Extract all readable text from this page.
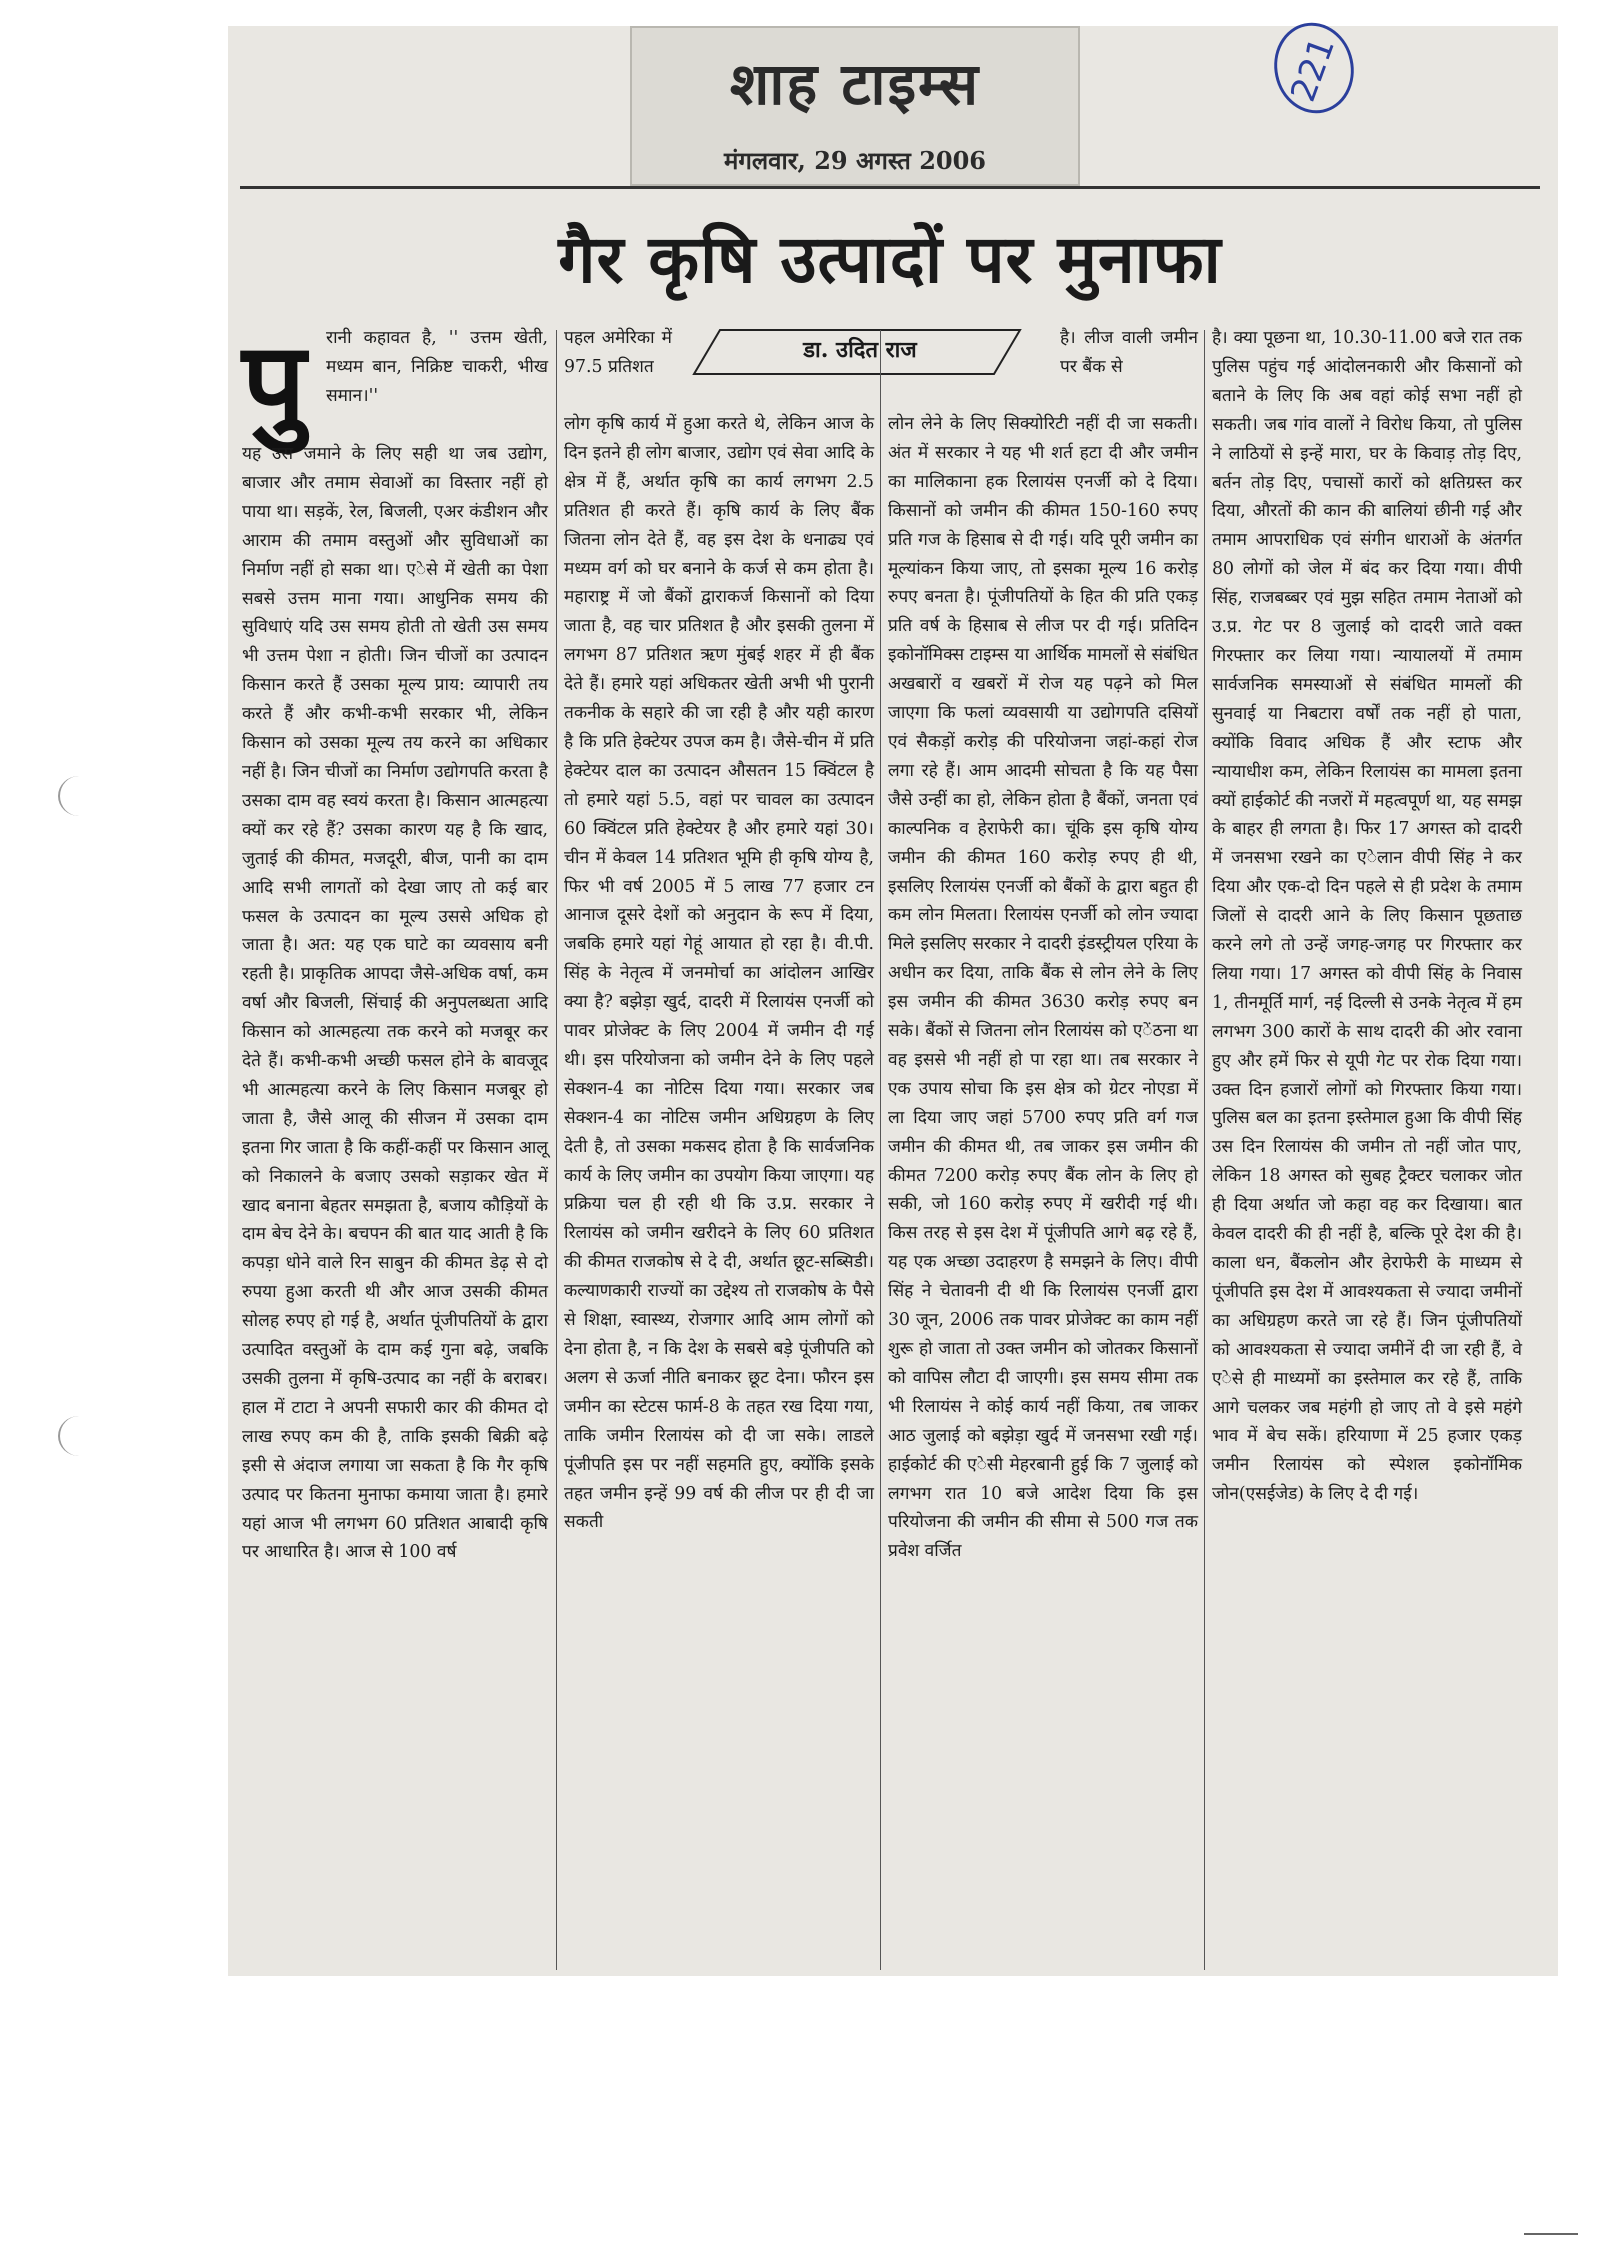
शाह टाइम्स
मंगलवार, 29 अगस्त 2006
221
गैर कृषि उत्पादों पर मुनाफा
डा. उदित राज
पु	रानी कहावत है, '' उत्तम खेती, मध्यम बान, निक्रिष्ट चाकरी, भीख समान।''

यह उस जमाने के लिए सही था जब उद्योग, बाजार और तमाम सेवाओं का विस्तार नहीं हो पाया था। सड़कें, रेल, बिजली, एअर कंडीशन और आराम की तमाम वस्तुओं और सुविधाओं का निर्माण नहीं हो सका था। एेसे में खेती का पेशा सबसे उत्तम माना गया। आधुनिक समय की सुविधाएं यदि उस समय होती तो खेती उस समय भी उत्तम पेशा न होती। जिन चीजों का उत्पादन किसान करते हैं उसका मूल्य प्राय: व्यापारी तय करते हैं और कभी-कभी सरकार भी, लेकिन किसान को उसका मूल्य तय करने का अधिकार नहीं है। जिन चीजों का निर्माण उद्योगपति करता है उसका दाम वह स्वयं करता है। किसान आत्महत्या क्यों कर रहे हैं? उसका कारण यह है कि खाद, जुताई की कीमत, मजदूरी, बीज, पानी का दाम आदि सभी लागतों को देखा जाए तो कई बार फसल के उत्पादन का मूल्य उससे अधिक हो जाता है। अत: यह एक घाटे का व्यवसाय बनी रहती है। प्राकृतिक आपदा जैसे-अधिक वर्षा, कम वर्षा और बिजली, सिंचाई की अनुपलब्धता आदि किसान को आत्महत्या तक करने को मजबूर कर देते हैं। कभी-कभी अच्छी फसल होने के बावजूद भी आत्महत्या करने के लिए किसान मजबूर हो जाता है, जैसे आलू की सीजन में उसका दाम इतना गिर जाता है कि कहीं-कहीं पर किसान आलू को निकालने के बजाए उसको सड़ाकर खेत में खाद बनाना बेहतर समझता है, बजाय कौड़ियों के दाम बेच देने के। बचपन की बात याद आती है कि कपड़ा धोने वाले रिन साबुन की कीमत डेढ़ से दो रुपया हुआ करती थी और आज उसकी कीमत सोलह रुपए हो गई है, अर्थात पूंजीपतियों के द्वारा उत्पादित वस्तुओं के दाम कई गुना बढ़े, जबकि उसकी तुलना में कृषि-उत्पाद का नहीं के बराबर। हाल में टाटा ने अपनी सफारी कार की कीमत दो लाख रुपए कम की है, ताकि इसकी बिक्री बढ़े इसी से अंदाज लगाया जा सकता है कि गैर कृषि उत्पाद पर कितना मुनाफा कमाया जाता है। हमारे यहां आज भी लगभग 60 प्रतिशत आबादी कृषि पर आधारित है। आज से 100 वर्ष

पहल अमेरिका में 97.5 प्रतिशत

लोग कृषि कार्य में हुआ करते थे, लेकिन आज के दिन इतने ही लोग बाजार, उद्योग एवं सेवा आदि के क्षेत्र में हैं, अर्थात कृषि का कार्य लगभग 2.5 प्रतिशत ही करते हैं। कृषि कार्य के लिए बैंक जितना लोन देते हैं, वह इस देश के धनाढ्य एवं मध्यम वर्ग को घर बनाने के कर्ज से कम होता है। महाराष्ट्र में जो बैंकों द्वाराकर्ज किसानों को दिया जाता है, वह चार प्रतिशत है और इसकी तुलना में लगभग 87 प्रतिशत ऋण मुंबई शहर में ही बैंक देते हैं। हमारे यहां अधिकतर खेती अभी भी पुरानी तकनीक के सहारे की जा रही है और यही कारण है कि प्रति हेक्टेयर उपज कम है। जैसे-चीन में प्रति हेक्टेयर दाल का उत्पादन औसतन 15 क्विंटल है तो हमारे यहां 5.5, वहां पर चावल का उत्पादन 60 क्विंटल प्रति हेक्टेयर है और हमारे यहां 30। चीन में केवल 14 प्रतिशत भूमि ही कृषि योग्य है, फिर भी वर्ष 2005 में 5 लाख 77 हजार टन आनाज दूसरे देशों को अनुदान के रूप में दिया, जबकि हमारे यहां गेहूं आयात हो रहा है। वी.पी. सिंह के नेतृत्व में जनमोर्चा का आंदोलन आखिर क्या है? बझेड़ा खुर्द, दादरी में रिलायंस एनर्जी को पावर प्रोजेक्ट के लिए 2004 में जमीन दी गई थी। इस परियोजना को जमीन देने के लिए पहले सेक्शन-4 का नोटिस दिया गया। सरकार जब सेक्शन-4 का नोटिस जमीन अधिग्रहण के लिए देती है, तो उसका मकसद होता है कि सार्वजनिक कार्य के लिए जमीन का उपयोग किया जाएगा। यह प्रक्रिया चल ही रही थी कि उ.प्र. सरकार ने रिलायंस को जमीन खरीदने के लिए 60 प्रतिशत की कीमत राजकोष से दे दी, अर्थात छूट-सब्सिडी। कल्याणकारी राज्यों का उद्देश्य तो राजकोष के पैसे से शिक्षा, स्वास्थ्य, रोजगार आदि आम लोगों को देना होता है, न कि देश के सबसे बड़े पूंजीपति को अलग से ऊर्जा नीति बनाकर छूट देना। फौरन इस जमीन का स्टेटस फार्म-8 के तहत रख दिया गया, ताकि जमीन रिलायंस को दी जा सके। लाडले पूंजीपति इस पर नहीं सहमति हुए, क्योंकि इसके तहत जमीन इन्हें 99 वर्ष की लीज पर ही दी जा सकती

है। लीज वाली जमीन पर बैंक से

लोन लेने के लिए सिक्योरिटी नहीं दी जा सकती। अंत में सरकार ने यह भी शर्त हटा दी और जमीन का मालिकाना हक रिलायंस एनर्जी को दे दिया। किसानों को जमीन की कीमत 150-160 रुपए प्रति गज के हिसाब से दी गई। यदि पूरी जमीन का मूल्यांकन किया जाए, तो इसका मूल्य 16 करोड़ रुपए बनता है। पूंजीपतियों के हित की प्रति एकड़ प्रति वर्ष के हिसाब से लीज पर दी गई। प्रतिदिन इकोनॉमिक्स टाइम्स या आर्थिक मामलों से संबंधित अखबारों व खबरों में रोज यह पढ़ने को मिल जाएगा कि फलां व्यवसायी या उद्योगपति दसियों एवं सैकड़ों करोड़ की परियोजना जहां-कहां रोज लगा रहे हैं। आम आदमी सोचता है कि यह पैसा जैसे उन्हीं का हो, लेकिन होता है बैंकों, जनता एवं काल्पनिक व हेराफेरी का। चूंकि इस कृषि योग्य जमीन की कीमत 160 करोड़ रुपए ही थी, इसलिए रिलायंस एनर्जी को बैंकों के द्वारा बहुत ही कम लोन मिलता। रिलायंस एनर्जी को लोन ज्यादा मिले इसलिए सरकार ने दादरी इंडस्ट्रीयल एरिया के अधीन कर दिया, ताकि बैंक से लोन लेने के लिए इस जमीन की कीमत 3630 करोड़ रुपए बन सके। बैंकों से जितना लोन रिलायंस को एेंठना था वह इससे भी नहीं हो पा रहा था। तब सरकार ने एक उपाय सोचा कि इस क्षेत्र को ग्रेटर नोएडा में ला दिया जाए जहां 5700 रुपए प्रति वर्ग गज जमीन की कीमत थी, तब जाकर इस जमीन की कीमत 7200 करोड़ रुपए बैंक लोन के लिए हो सकी, जो 160 करोड़ रुपए में खरीदी गई थी। किस तरह से इस देश में पूंजीपति आगे बढ़ रहे हैं, यह एक अच्छा उदाहरण है समझने के लिए। वीपी सिंह ने चेतावनी दी थी कि रिलायंस एनर्जी द्वारा 30 जून, 2006 तक पावर प्रोजेक्ट का काम नहीं शुरू हो जाता तो उक्त जमीन को जोतकर किसानों को वापिस लौटा दी जाएगी। इस समय सीमा तक भी रिलायंस ने कोई कार्य नहीं किया, तब जाकर आठ जुलाई को बझेड़ा खुर्द में जनसभा रखी गई। हाईकोर्ट की एेसी मेहरबानी हुई कि 7 जुलाई को लगभग रात 10 बजे आदेश दिया कि इस परियोजना की जमीन की सीमा से 500 गज तक प्रवेश वर्जित

है। क्या पूछना था, 10.30-11.00 बजे रात तक पुलिस पहुंच गई आंदोलनकारी और किसानों को बताने के लिए कि अब वहां कोई सभा नहीं हो सकती। जब गांव वालों ने विरोध किया, तो पुलिस ने लाठियों से इन्हें मारा, घर के किवाड़ तोड़ दिए, बर्तन तोड़ दिए, पचासों कारों को क्षतिग्रस्त कर दिया, औरतों की कान की बालियां छीनी गई और तमाम आपराधिक एवं संगीन धाराओं के अंतर्गत 80 लोगों को जेल में बंद कर दिया गया। वीपी सिंह, राजबब्बर एवं मुझ सहित तमाम नेताओं को उ.प्र. गेट पर 8 जुलाई को दादरी जाते वक्त गिरफ्तार कर लिया गया। न्यायालयों में तमाम सार्वजनिक समस्याओं से संबंधित मामलों की सुनवाई या निबटारा वर्षों तक नहीं हो पाता, क्योंकि विवाद अधिक हैं और स्टाफ और न्यायाधीश कम, लेकिन रिलायंस का मामला इतना क्यों हाईकोर्ट की नजरों में महत्वपूर्ण था, यह समझ के बाहर ही लगता है। फिर 17 अगस्त को दादरी में जनसभा रखने का एेलान वीपी सिंह ने कर दिया और एक-दो दिन पहले से ही प्रदेश के तमाम जिलों से दादरी आने के लिए किसान पूछताछ करने लगे तो उन्हें जगह-जगह पर गिरफ्तार कर लिया गया। 17 अगस्त को वीपी सिंह के निवास 1, तीनमूर्ति मार्ग, नई दिल्ली से उनके नेतृत्व में हम लगभग 300 कारों के साथ दादरी की ओर रवाना हुए और हमें फिर से यूपी गेट पर रोक दिया गया। उक्त दिन हजारों लोगों को गिरफ्तार किया गया। पुलिस बल का इतना इस्तेमाल हुआ कि वीपी सिंह उस दिन रिलायंस की जमीन तो नहीं जोत पाए, लेकिन 18 अगस्त को सुबह ट्रैक्टर चलाकर जोत ही दिया अर्थात जो कहा वह कर दिखाया। बात केवल दादरी की ही नहीं है, बल्कि पूरे देश की है। काला धन, बैंकलोन और हेराफेरी के माध्यम से पूंजीपति इस देश में आवश्यकता से ज्यादा जमीनों का अधिग्रहण करते जा रहे हैं। जिन पूंजीपतियों को आवश्यकता से ज्यादा जमीनें दी जा रही हैं, वे एेसे ही माध्यमों का इस्तेमाल कर रहे हैं, ताकि आगे चलकर जब महंगी हो जाए तो वे इसे महंगे भाव में बेच सकें। हरियाणा में 25 हजार एकड़ जमीन रिलायंस को स्पेशल इकोनॉमिक जोन(एसईजेड) के लिए दे दी गई।
